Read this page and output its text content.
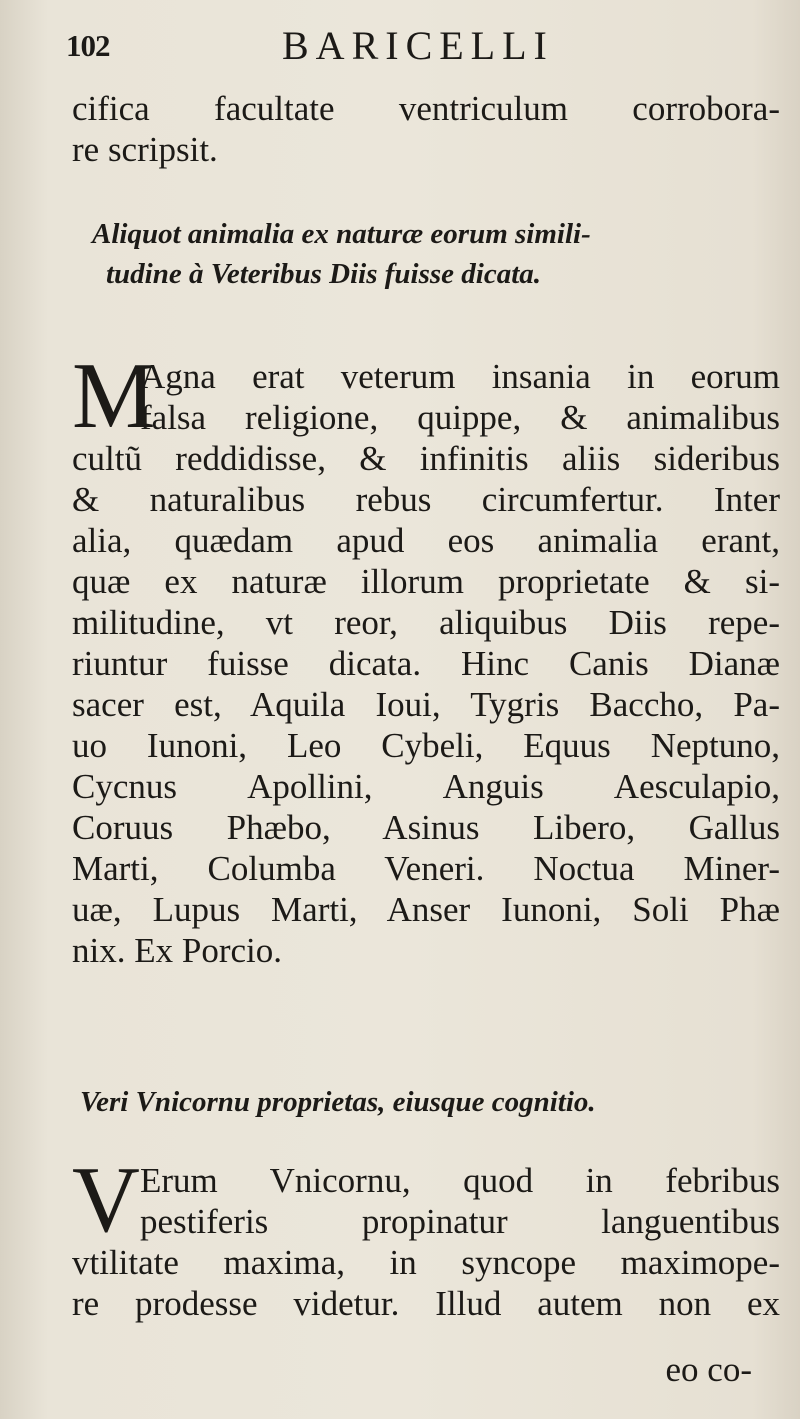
102	BARICELLI
cifica facultate ventriculum corrobora-
re scripsit.
Aliquot animalia ex naturæ eorum simili-
tudine à Veteribus Diis fuisse dicata.
M
Agna erat veterum insania in eorum
falsa religione, quippe, & animalibus
cultũ reddidisse, & infinitis aliis sideribus
& naturalibus rebus circumfertur. Inter
alia, quædam apud eos animalia erant,
quæ ex naturæ illorum proprietate & si-
militudine, vt reor, aliquibus Diis repe-
riuntur fuisse dicata. Hinc Canis Dianæ
sacer est, Aquila Ioui, Tygris Baccho, Pa-
uo Iunoni, Leo Cybeli, Equus Neptuno,
Cycnus Apollini, Anguis Aesculapio,
Coruus Phæbo, Asinus Libero, Gallus
Marti, Columba Veneri. Noctua Miner-
uæ, Lupus Marti, Anser Iunoni, Soli Phæ
nix. Ex Porcio.
Veri Vnicornu proprietas, eiusque cognitio.
V Erum Vnicornu, quod in febribus
pestiferis propinatur languentibus
vtilitate maxima, in syncope maximope-
re prodesse videtur. Illud autem non ex
eo co-
